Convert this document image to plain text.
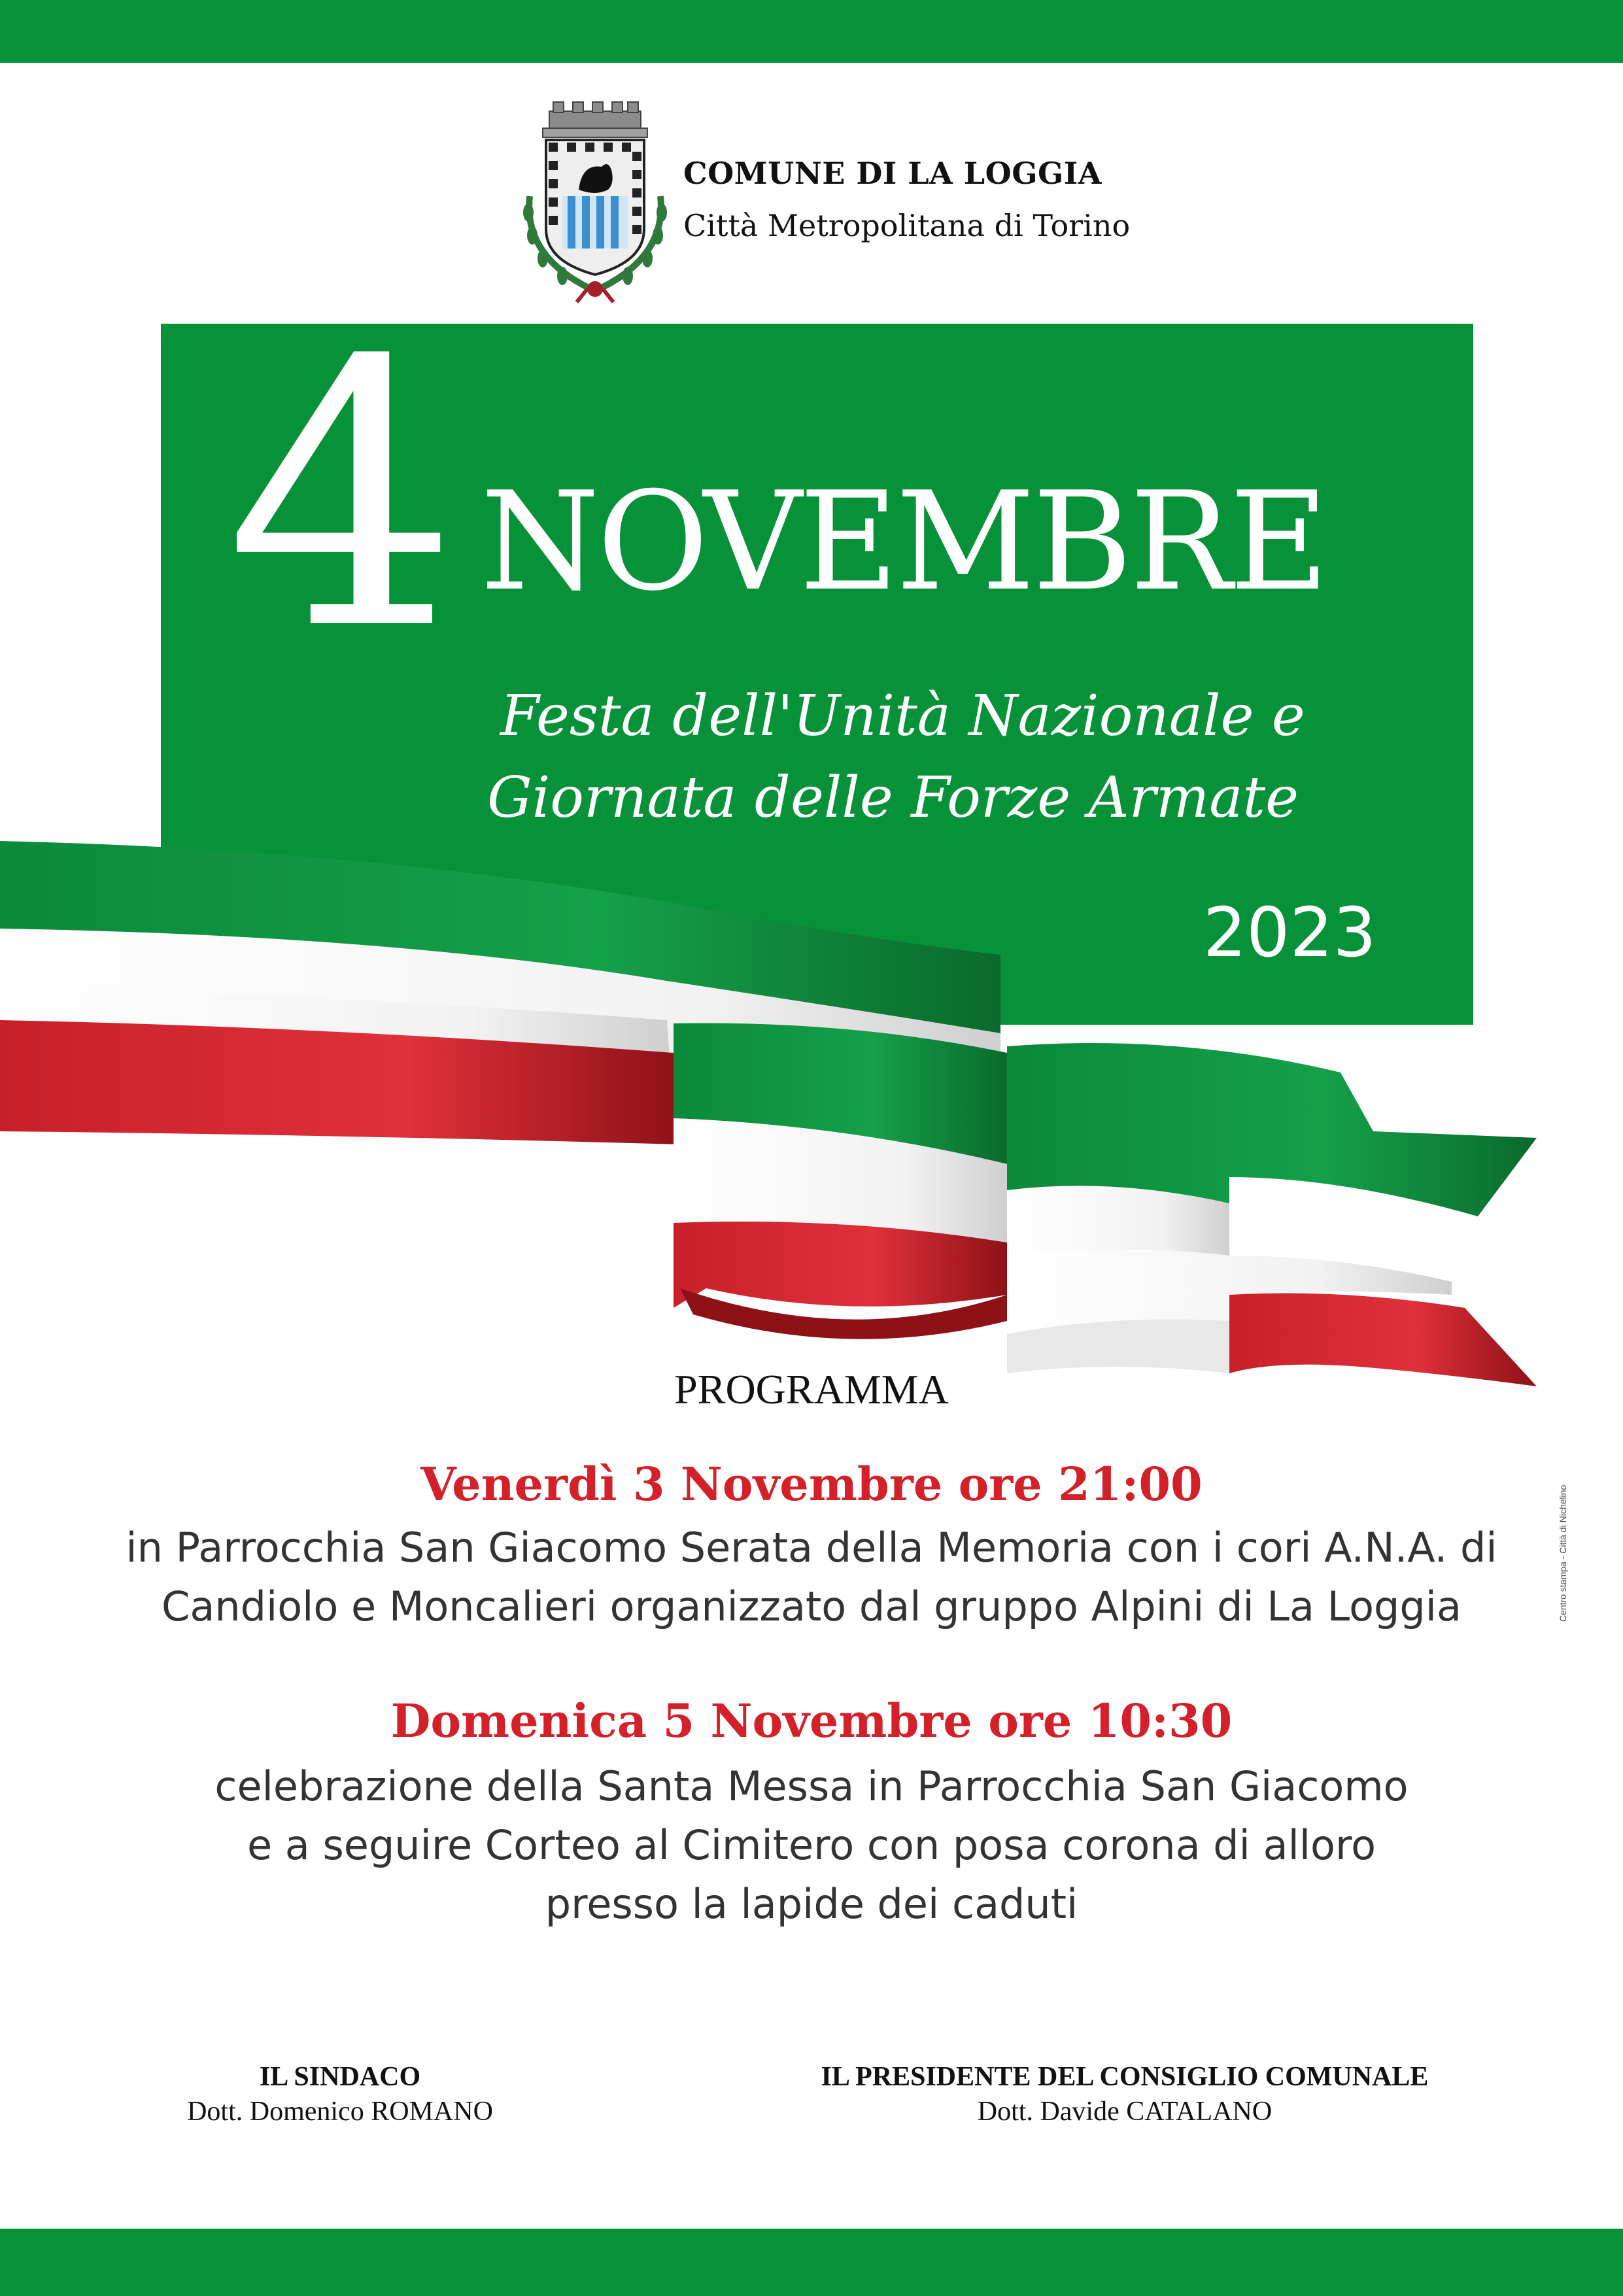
COMUNE DI LA LOGGIA
Città Metropolitana di Torino
4 NOVEMBRE
Festa dell'Unità Nazionale e
Giornata delle Forze Armate
2023
PROGRAMMA
Venerdì 3 Novembre ore 21:00
in Parrocchia San Giacomo Serata della Memoria con i cori A.N.A. di
Candiolo e Moncalieri organizzato dal gruppo Alpini di La Loggia
Domenica 5 Novembre ore 10:30
celebrazione della Santa Messa in Parrocchia San Giacomo
e a seguire Corteo al Cimitero con posa corona di alloro
presso la lapide dei caduti
IL SINDACO
Dott. Domenico ROMANO
IL PRESIDENTE DEL CONSIGLIO COMUNALE
Dott. Davide CATALANO
Centro stampa - Città di Nichelino
